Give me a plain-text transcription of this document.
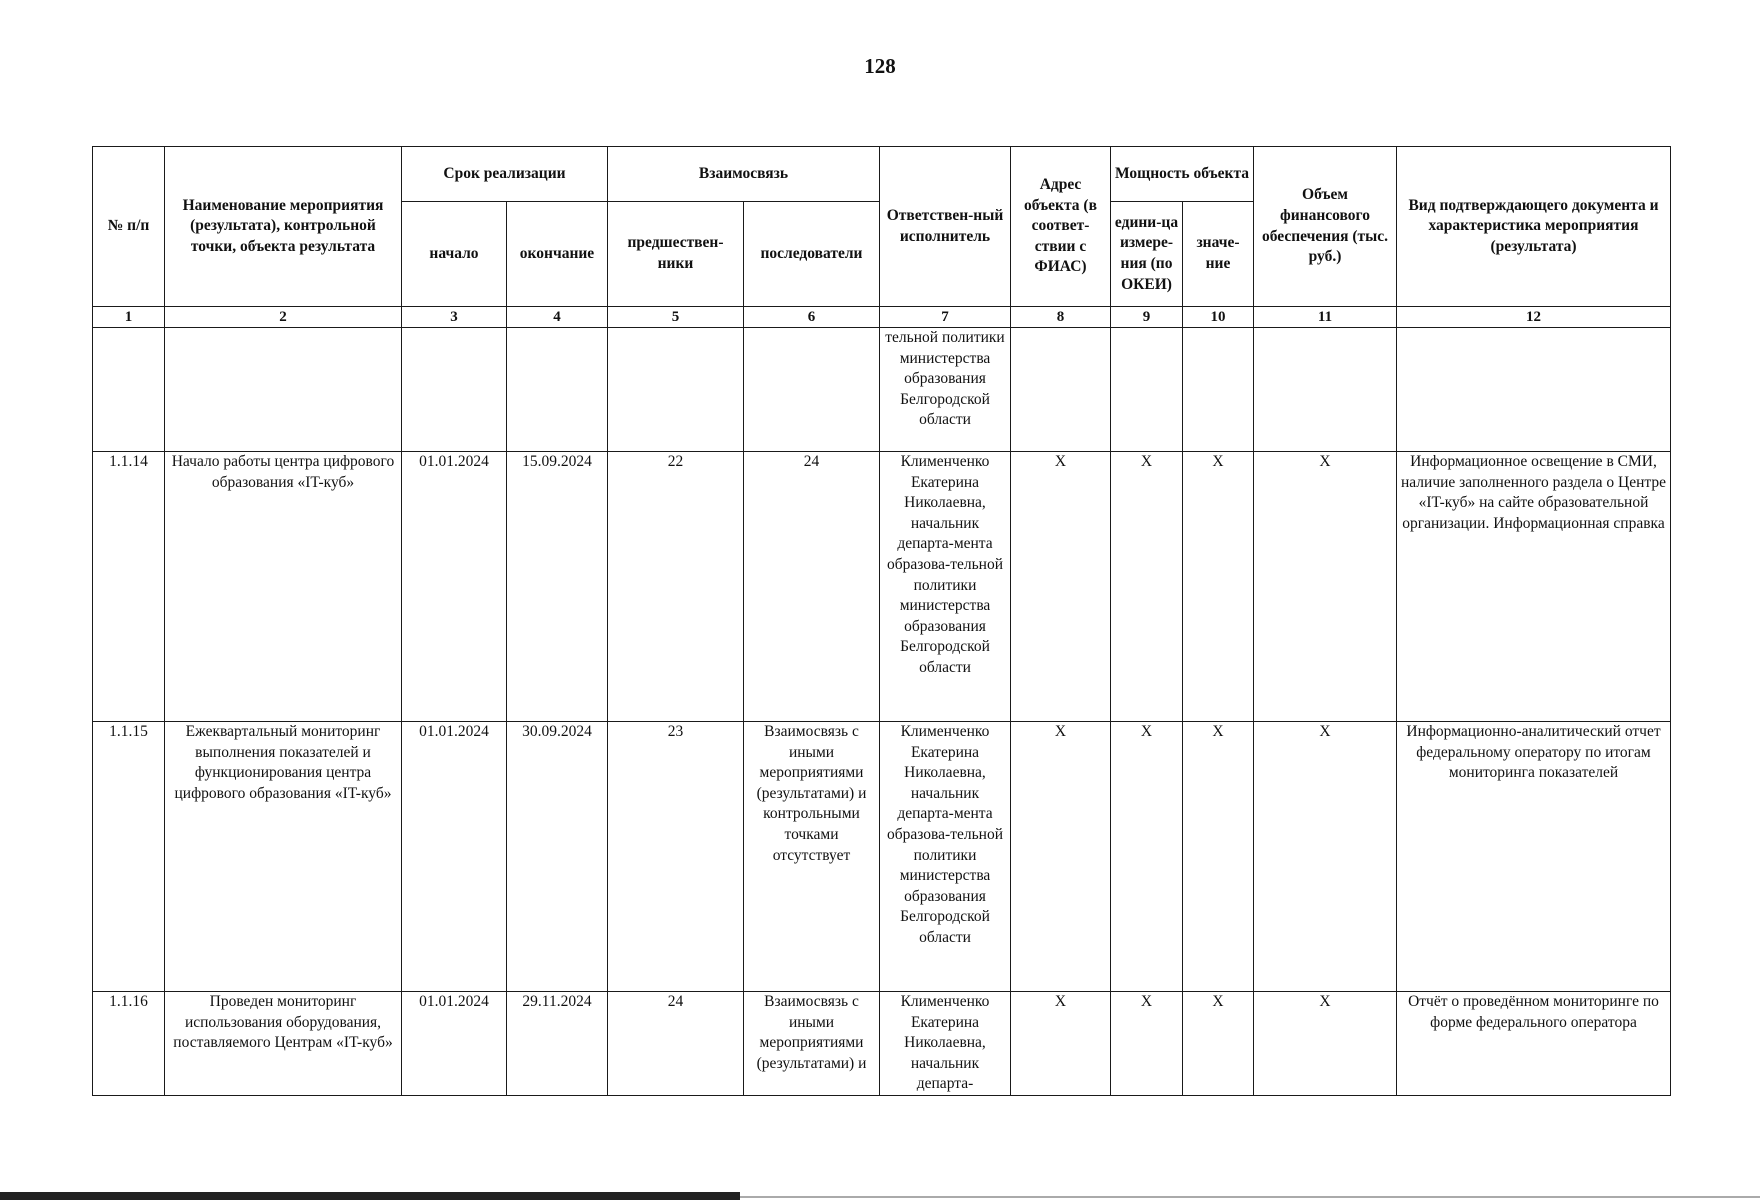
128
№ п/п	Наименование мероприятия (результата), контрольной точки, объекта результата	Срок реализации		Взаимосвязь		Ответствен-ный исполнитель	Адрес объекта (в соответ-ствии с ФИАС)	Мощность объекта		Объем финансового обеспечения (тыс. руб.)	Вид подтверждающего документа и характеристика мероприятия (результата)
		начало	окончание	предшествен-ники	последователи			едини-ца измере-ния (по ОКЕИ)	значе-ние		
1	2	3	4	5	6	7	8	9	10	11	12
						тельной политики министерства образования Белгородской области					
1.1.14	Начало работы центра цифрового образования «IT-куб»	01.01.2024	15.09.2024	22	24	Клименченко Екатерина Николаевна, начальник департа-мента образова-тельной политики министерства образования Белгородской области	X	X	X	X	Информационное освещение в СМИ, наличие заполненного раздела о Центре «IT-куб» на сайте образовательной организации. Информационная справка
1.1.15	Ежеквартальный мониторинг выполнения показателей и функционирования центра цифрового образования «IT-куб»	01.01.2024	30.09.2024	23	Взаимосвязь с иными мероприятиями (результатами) и контрольными точками отсутствует	Клименченко Екатерина Николаевна, начальник департа-мента образова-тельной политики министерства образования Белгородской области	X	X	X	X	Информационно-аналитический отчет федеральному оператору по итогам мониторинга показателей
1.1.16	Проведен мониторинг использования оборудования, поставляемого Центрам «IT-куб»	01.01.2024	29.11.2024	24	Взаимосвязь с иными мероприятиями (результатами) и	Клименченко Екатерина Николаевна, начальник департа-	X	X	X	X	Отчёт о проведённом мониторинге по форме федерального оператора
